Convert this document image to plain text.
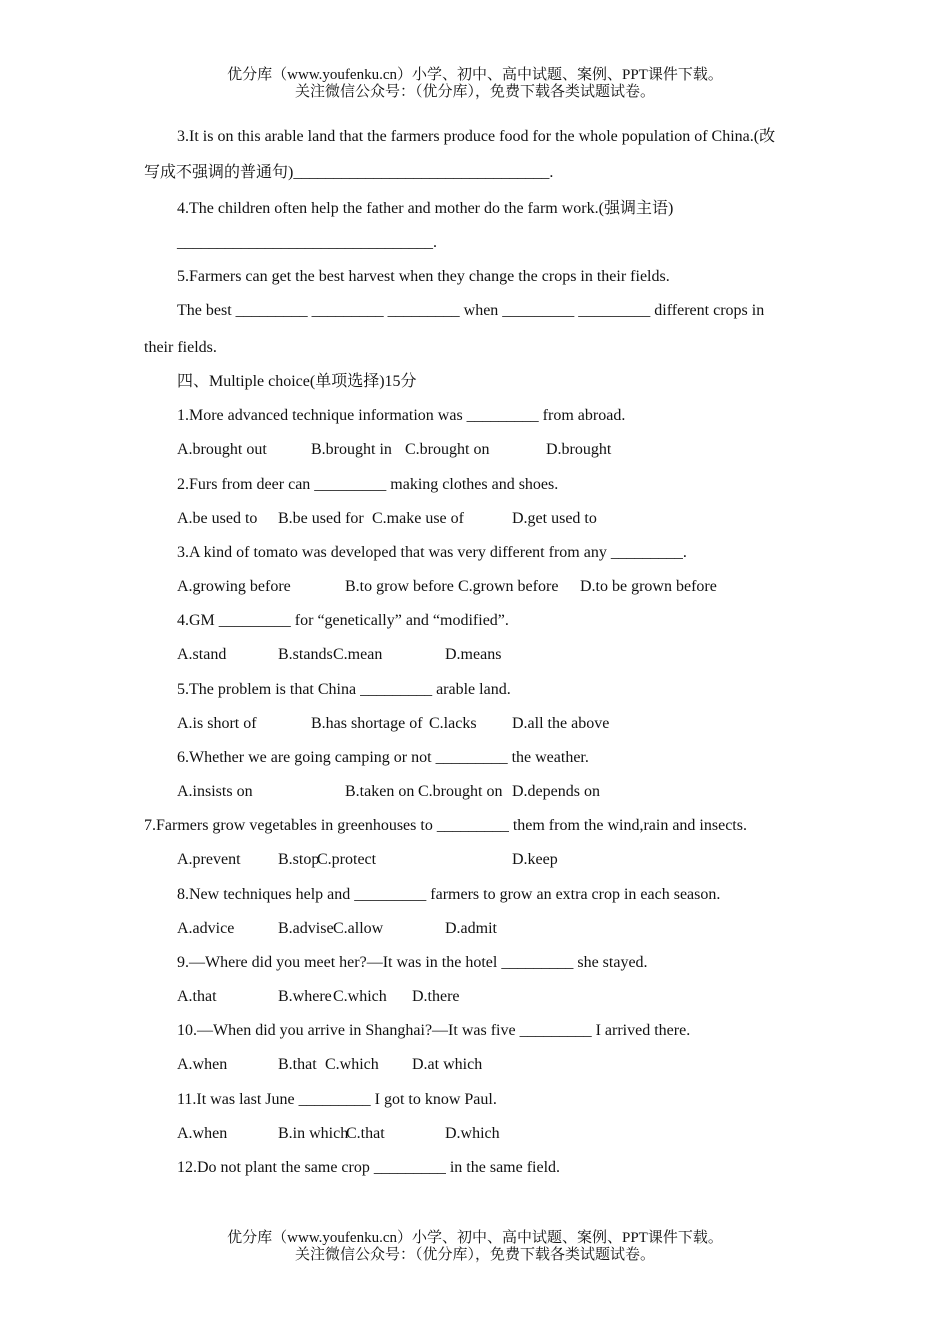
优分库（www.youfenku.cn）小学、初中、高中试题、案例、PPT课件下载。
关注微信公众号：（优分库），免费下载各类试题试卷。
3.It is on this arable land that the farmers produce food for the whole population of China.(改
写成不强调的普通句)________________________________.
4.The children often help the father and mother do the farm work.(强调主语)
________________________________.
5.Farmers can get the best harvest when they change the crops in their fields.
The best _________ _________ _________ when _________ _________ different crops in
their fields.
四、Multiple choice(单项选择)15分
1.More advanced technique information was _________ from abroad.
A.brought out	B.brought in C.brought on	D.brought
2.Furs from deer can _________ making clothes and shoes.
A.be used to B.be used for C.make use of	D.get used to
3.A kind of tomato was developed that was very different from any _________.
A.growing before	B.to grow before C.grown before D.to be grown before
4.GM _________ for “genetically” and “modified”.
A.stand	B.stands C.mean	D.means
5.The problem is that China _________ arable land.
A.is short of	B.has shortage of C.lacks D.all the above
6.Whether we are going camping or not _________ the weather.
A.insists on	B.taken on C.brought on D.depends on
7.Farmers grow vegetables in greenhouses to _________ them from the wind,rain and insects.
A.prevent B.stop
C.protect	D.keep
8.New techniques help and _________ farmers to grow an extra crop in each season.
A.advice	B.advise C.allow	D.admit
9.—Where did you meet her?—It was in the hotel _________ she stayed.
A.that	B.where C.which D.there
10.—When did you arrive in Shanghai?—It was five _________ I arrived there.
A.when	B.that C.which D.at which
11.It was last June _________ I got to know Paul.
A.when	B.in which
C.that	D.which
12.Do not plant the same crop _________ in the same field.
优分库（www.youfenku.cn）小学、初中、高中试题、案例、PPT课件下载。
关注微信公众号：（优分库），免费下载各类试题试卷。
